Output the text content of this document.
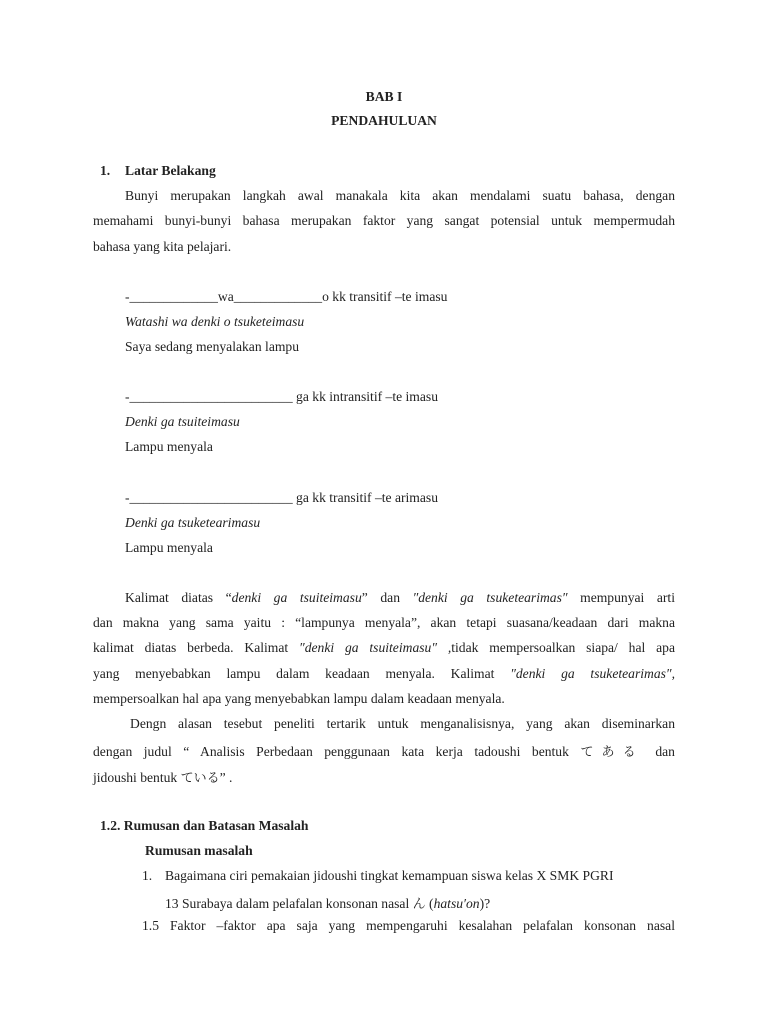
BAB I
PENDAHULUAN
1. Latar Belakang
Bunyi merupakan langkah awal manakala kita akan mendalami suatu bahasa, dengan
memahami bunyi-bunyi bahasa merupakan faktor yang sangat potensial untuk mempermudah
bahasa yang kita pelajari.
-_____________wa_____________o kk transitif –te imasu
Watashi wa denki o tsuketeimasu
Saya sedang menyalakan lampu
-________________________ ga kk intransitif –te imasu
Denki ga tsuiteimasu
Lampu menyala
-________________________ ga kk transitif –te arimasu
Denki ga tsuketearimasu
Lampu menyala
Kalimat diatas “denki ga tsuiteimasu” dan ″denki ga tsuketearimas″ mempunyai arti
dan makna yang sama yaitu : “lampunya menyala”, akan tetapi suasana/keadaan dari makna
kalimat diatas berbeda. Kalimat ″denki ga tsuiteimasu″ ,tidak mempersoalkan siapa/ hal apa
yang menyebabkan lampu dalam keadaan menyala. Kalimat ″denki ga tsuketearimas″,
mempersoalkan hal apa yang menyebabkan lampu dalam keadaan menyala.
Dengn alasan tesebut peneliti tertarik untuk menganalisisnya, yang akan diseminarkan
dengan judul “ Analisis Perbedaan penggunaan kata kerja tadoushi bentuk てある dan
jidoushi bentuk ている” .
1.2. Rumusan dan Batasan Masalah
Rumusan masalah
1. Bagaimana ciri pemakaian jidoushi tingkat kemampuan siswa kelas X SMK PGRI
13 Surabaya dalam pelafalan konsonan nasal ん (hatsu′on)?
1.5 Faktor –faktor apa saja yang mempengaruhi kesalahan pelafalan konsonan nasal
